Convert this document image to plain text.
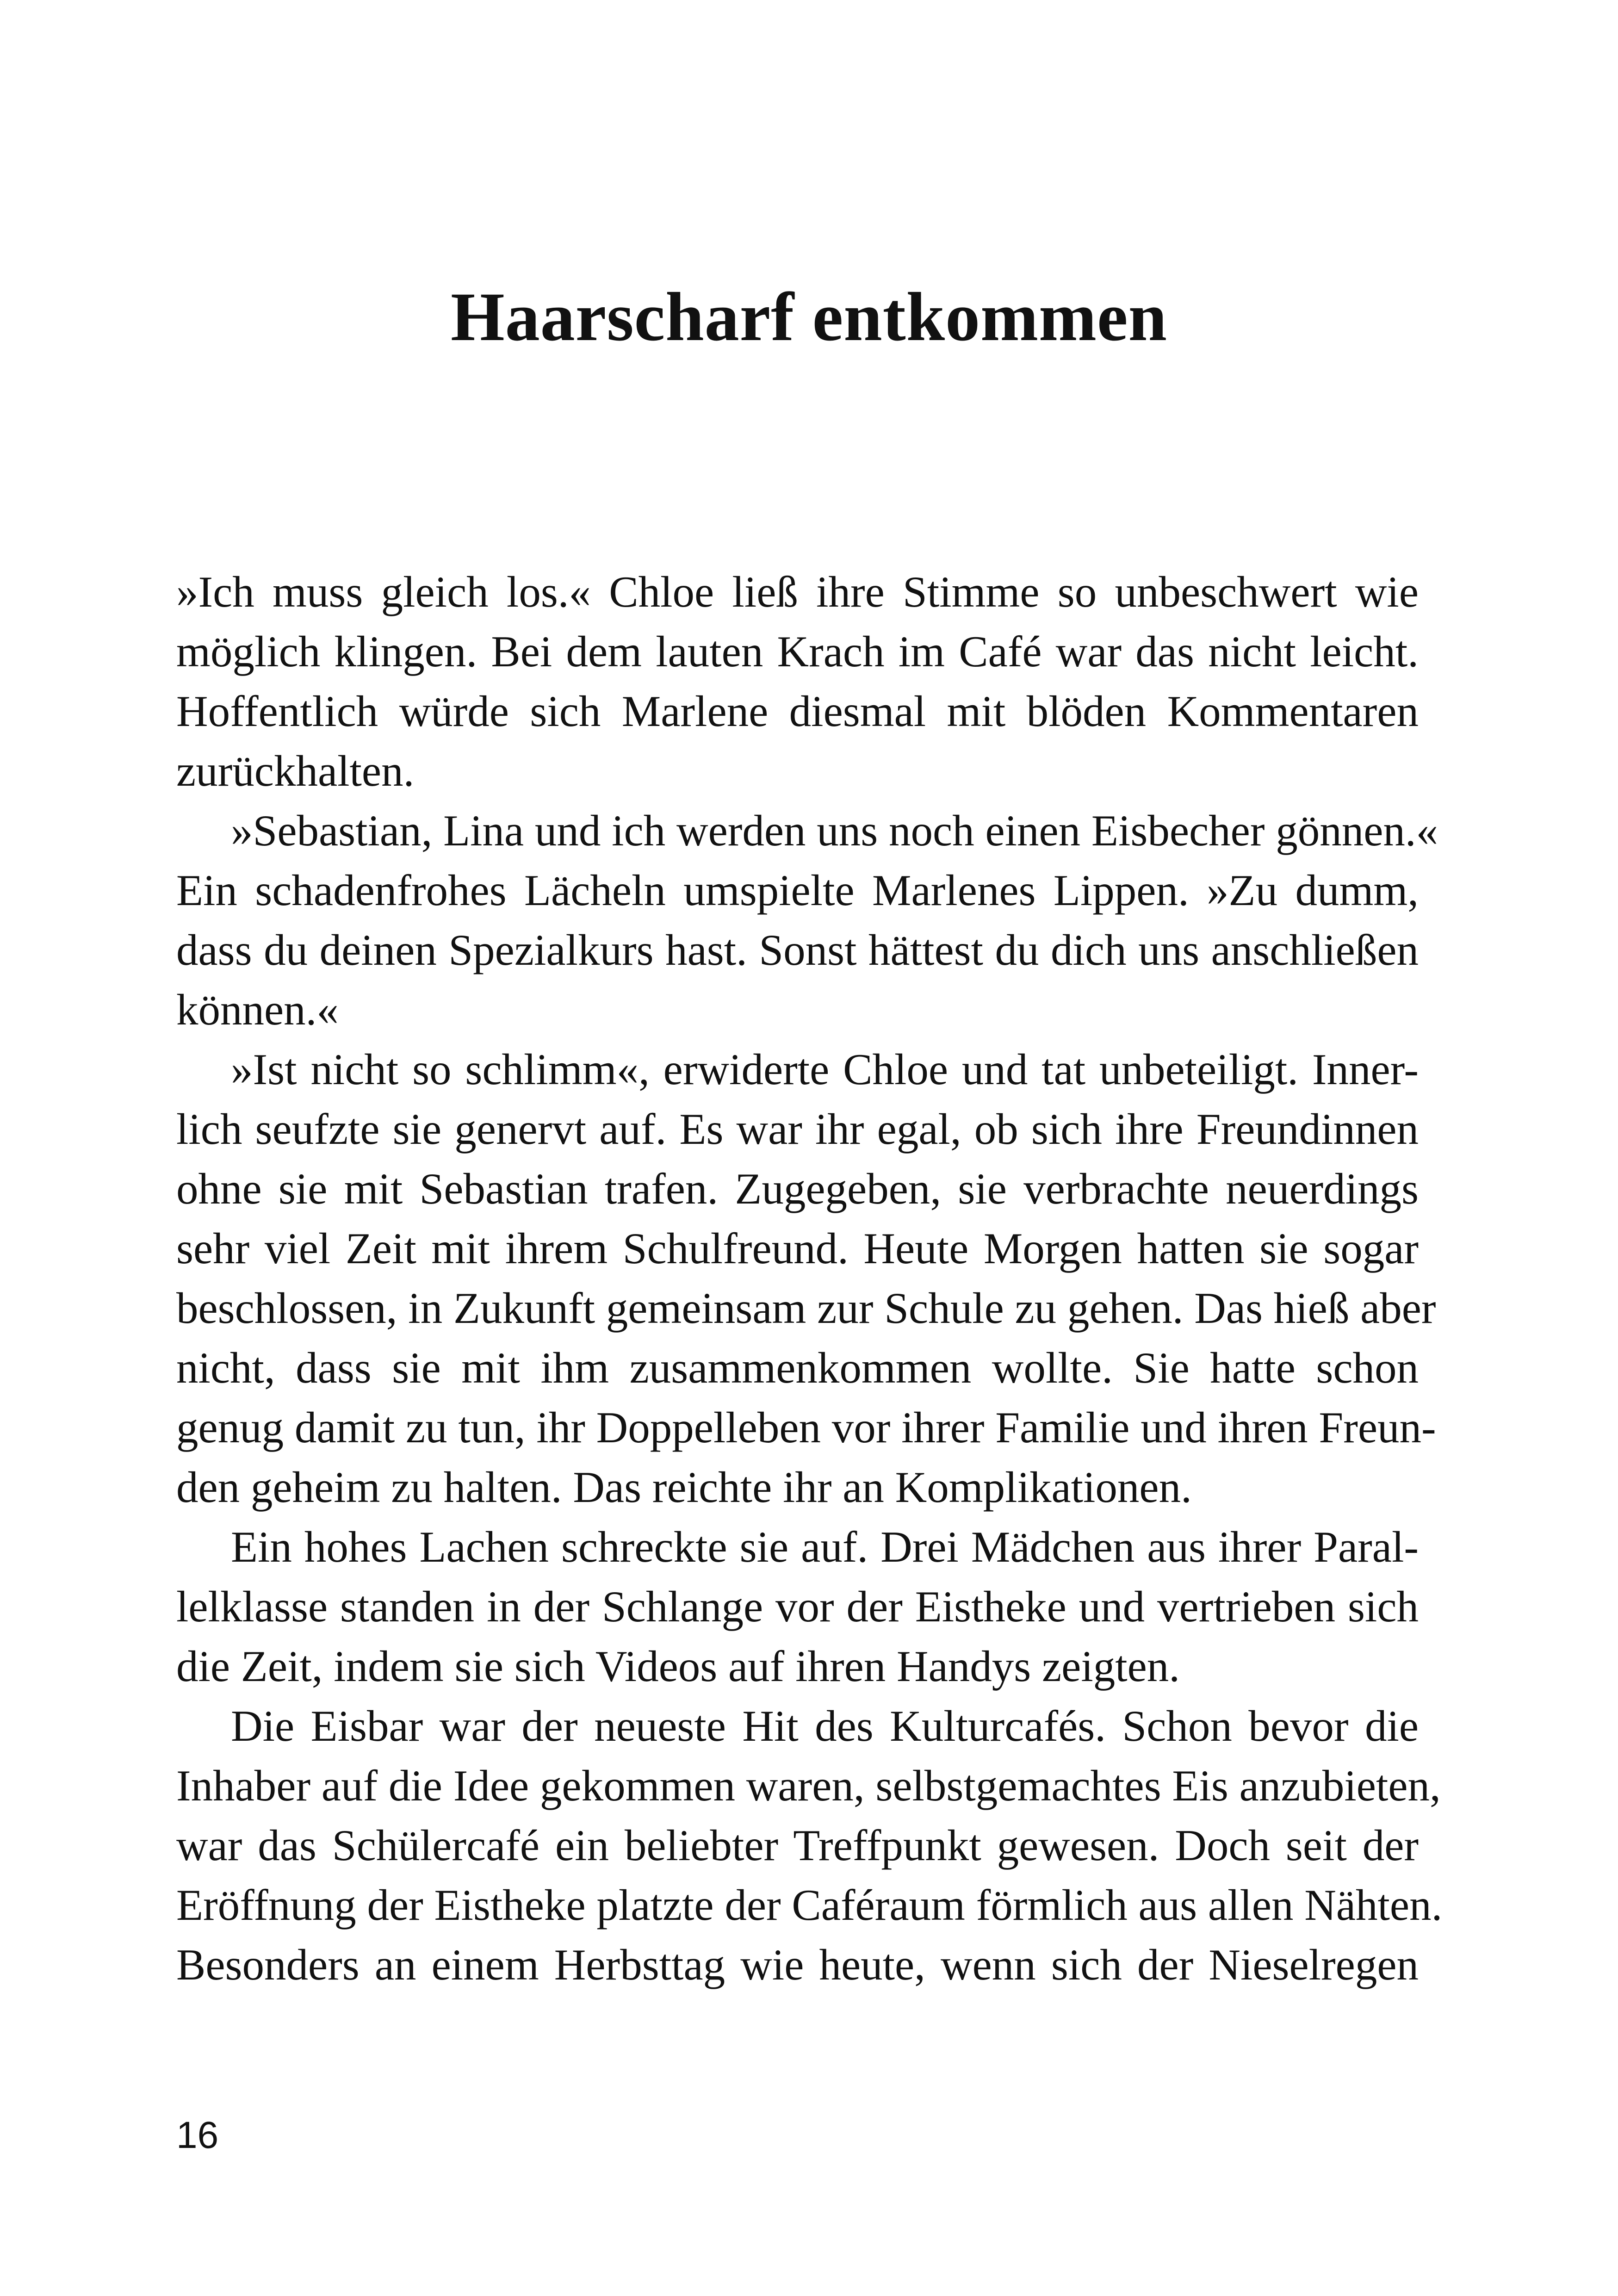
Haarscharf entkommen
»Ich muss gleich los.« Chloe ließ ihre Stimme so unbeschwert wie
möglich klingen. Bei dem lauten Krach im Café war das nicht leicht.
Hoffentlich würde sich Marlene diesmal mit blöden Kommentaren
zurückhalten.
»Sebastian, Lina und ich werden uns noch einen Eisbecher gönnen.«
Ein schadenfrohes Lächeln umspielte Marlenes Lippen. »Zu dumm,
dass du deinen Spezialkurs hast. Sonst hättest du dich uns anschließen
können.«
»Ist nicht so schlimm«, erwiderte Chloe und tat unbeteiligt. Inner-
lich seufzte sie genervt auf. Es war ihr egal, ob sich ihre Freundinnen
ohne sie mit Sebastian trafen. Zugegeben, sie verbrachte neuerdings
sehr viel Zeit mit ihrem Schulfreund. Heute Morgen hatten sie sogar
beschlossen, in Zukunft gemeinsam zur Schule zu gehen. Das hieß aber
nicht, dass sie mit ihm zusammenkommen wollte. Sie hatte schon
genug damit zu tun, ihr Doppelleben vor ihrer Familie und ihren Freun-
den geheim zu halten. Das reichte ihr an Komplikationen.
Ein hohes Lachen schreckte sie auf. Drei Mädchen aus ihrer Paral-
lelklasse standen in der Schlange vor der Eistheke und vertrieben sich
die Zeit, indem sie sich Videos auf ihren Handys zeigten.
Die Eisbar war der neueste Hit des Kulturcafés. Schon bevor die
Inhaber auf die Idee gekommen waren, selbstgemachtes Eis anzubieten,
war das Schülercafé ein beliebter Treffpunkt gewesen. Doch seit der
Eröffnung der Eistheke platzte der Caféraum förmlich aus allen Nähten.
Besonders an einem Herbsttag wie heute, wenn sich der Nieselregen
16
